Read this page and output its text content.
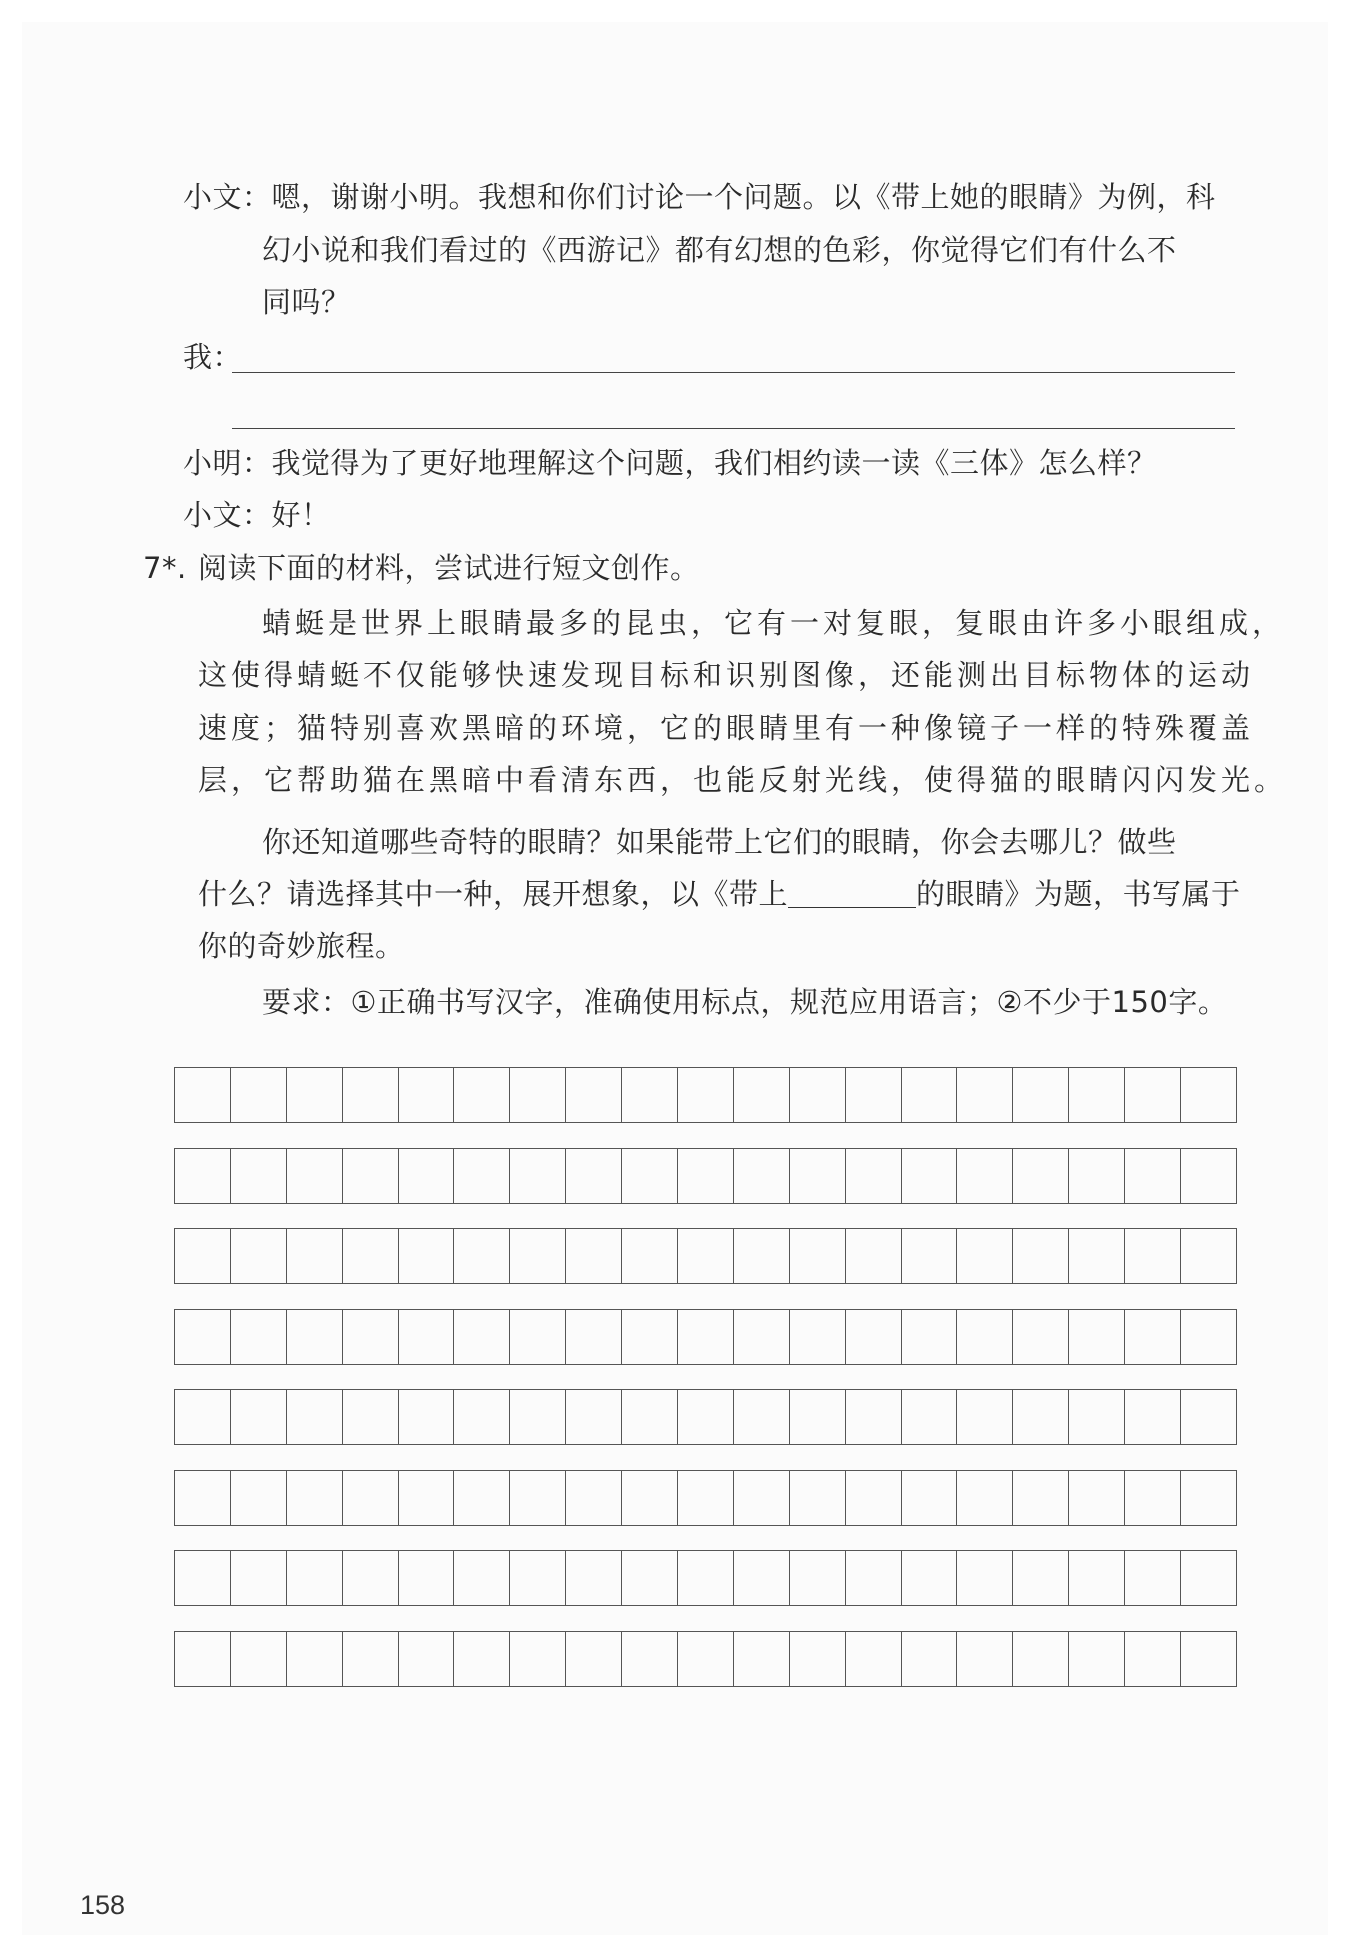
小文：嗯，谢谢小明。我想和你们讨论一个问题。以《带上她的眼睛》为例，科
幻小说和我们看过的《西游记》都有幻想的色彩，你觉得它们有什么不
同吗？
我：
小明：我觉得为了更好地理解这个问题，我们相约读一读《三体》怎么样？
小文：好！
7*. 阅读下面的材料，尝试进行短文创作。
蜻蜓是世界上眼睛最多的昆虫，它有一对复眼，复眼由许多小眼组成，
这使得蜻蜓不仅能够快速发现目标和识别图像，还能测出目标物体的运动
速度；猫特别喜欢黑暗的环境，它的眼睛里有一种像镜子一样的特殊覆盖
层，它帮助猫在黑暗中看清东西，也能反射光线，使得猫的眼睛闪闪发光。
你还知道哪些奇特的眼睛？如果能带上它们的眼睛，你会去哪儿？做些
什么？请选择其中一种，展开想象，以《带上	的眼睛》为题，书写属于
你的奇妙旅程。
要求：①正确书写汉字，准确使用标点，规范应用语言；②不少于150字。
158
